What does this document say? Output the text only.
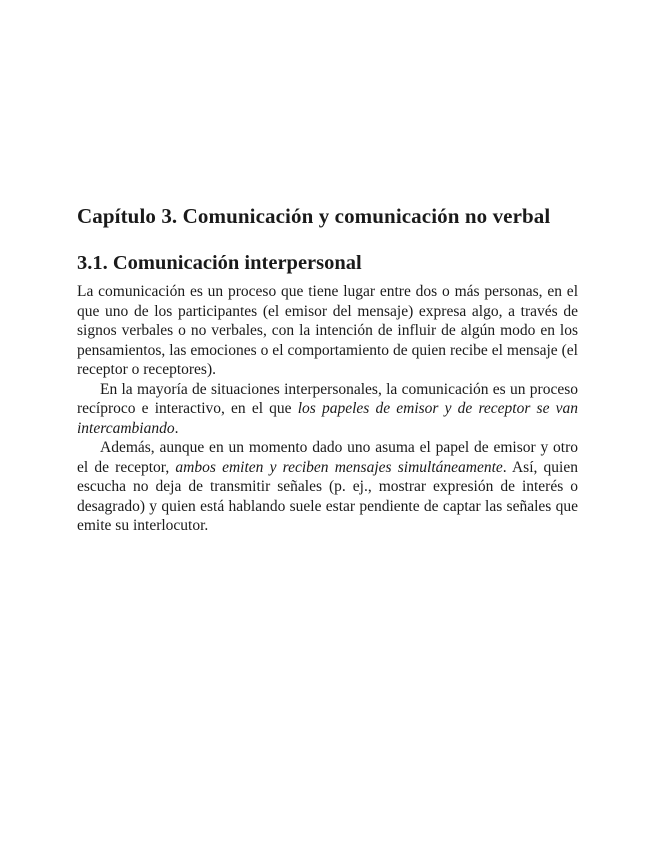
Capítulo 3. Comunicación y comunicación no verbal
3.1. Comunicación interpersonal

La comunicación es un proceso que tiene lugar entre dos o más personas, en el que uno de los participantes (el emisor del mensaje) expresa algo, a través de signos verbales o no verbales, con la intención de influir de algún modo en los pensamientos, las emociones o el comportamiento de quien recibe el mensaje (el receptor o receptores).

En la mayoría de situaciones interpersonales, la comunicación es un proceso recíproco e interactivo, en el que los papeles de emisor y de receptor se van intercambiando.

Además, aunque en un momento dado uno asuma el papel de emisor y otro el de receptor, ambos emiten y reciben mensajes simultáneamente. Así, quien escucha no deja de transmitir señales (p. ej., mostrar expresión de interés o desagrado) y quien está hablando suele estar pendiente de captar las señales que emite su interlocutor.
